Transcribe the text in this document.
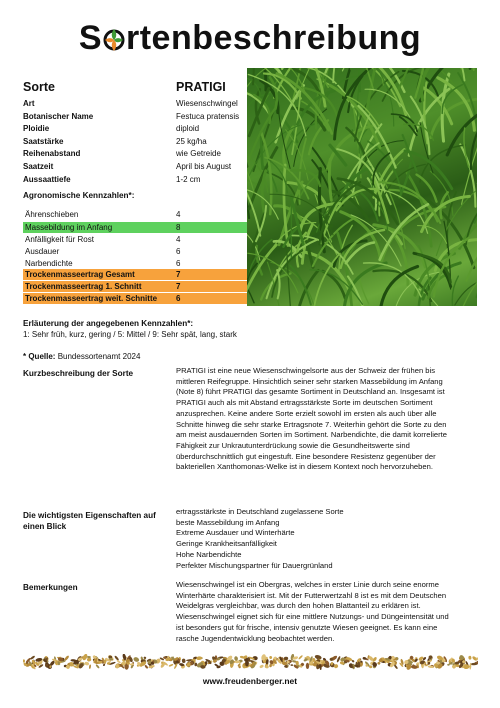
S rtenbeschreibung
Sorte	PRATIGI
Art	Wiesenschwingel
Botanischer Name	Festuca pratensis
Ploidie	diploid
Saatstärke	25 kg/ha
Reihenabstand	wie Getreide
Saatzeit	April bis August
Aussaattiefe	1-2 cm
Agronomische Kennzahlen*:
Ährenschieben	4
Massebildung im Anfang	8
Anfälligkeit für Rost	4
Ausdauer	6
Narbendichte	6
Trockenmasseertrag Gesamt	7
Trockenmasseertrag 1. Schnitt	7
Trockenmasseertrag weit. Schnitte 6
Erläuterung der angegebenen Kennzahlen*:
1: Sehr früh, kurz, gering / 5: Mittel / 9: Sehr spät, lang, stark
* Quelle: Bundessortenamt 2024
Kurzbeschreibung der Sorte	PRATIGI ist eine neue Wiesenschwingelsorte aus der Schweiz der frühen bis
mittleren Reifegruppe. Hinsichtlich seiner sehr starken Massebildung im Anfang
(Note 8) führt PRATIGI das gesamte Sortiment in Deutschland an. Insgesamt ist
PRATIGI auch als mit Abstand ertragsstärkste Sorte im deutschen Sortiment
anzusprechen. Keine andere Sorte erzielt sowohl im ersten als auch über alle
Schnitte hinweg die sehr starke Ertragsnote 7. Weiterhin gehört die Sorte zu den
am meist ausdauernden Sorten im Sortiment. Narbendichte, die damit korrelierte
Fähigkeit zur Unkrautunterdrückung sowie die Gesundheitswerte sind
überdurchschnittlich gut eingestuft. Eine besondere Resistenz gegenüber der
bakteriellen Xanthomonas-Welke ist in diesem Kontext noch hervorzuheben.
Die wichtigsten Eigenschaften auf
einen Blick
ertragsstärkste in Deutschland zugelassene Sorte
beste Massebildung im Anfang
Extreme Ausdauer und Winterhärte
Geringe Krankheitsanfälligkeit
Hohe Narbendichte
Perfekter Mischungspartner für Dauergrünland
Bemerkungen	Wiesenschwingel ist ein Obergras, welches in erster Linie durch seine enorme
Winterhärte charakterisiert ist. Mit der Futterwertzahl 8 ist es mit dem Deutschen
Weidelgras vergleichbar, was durch den hohen Blattanteil zu erklären ist.
Wiesenschwingel eignet sich für eine mittlere Nutzungs- und Düngeintensität und
ist besonders gut für frische, intensiv genutzte Wiesen geeignet. Es kann eine
rasche Jugendentwicklung beobachtet werden.
www.freudenberger.net
